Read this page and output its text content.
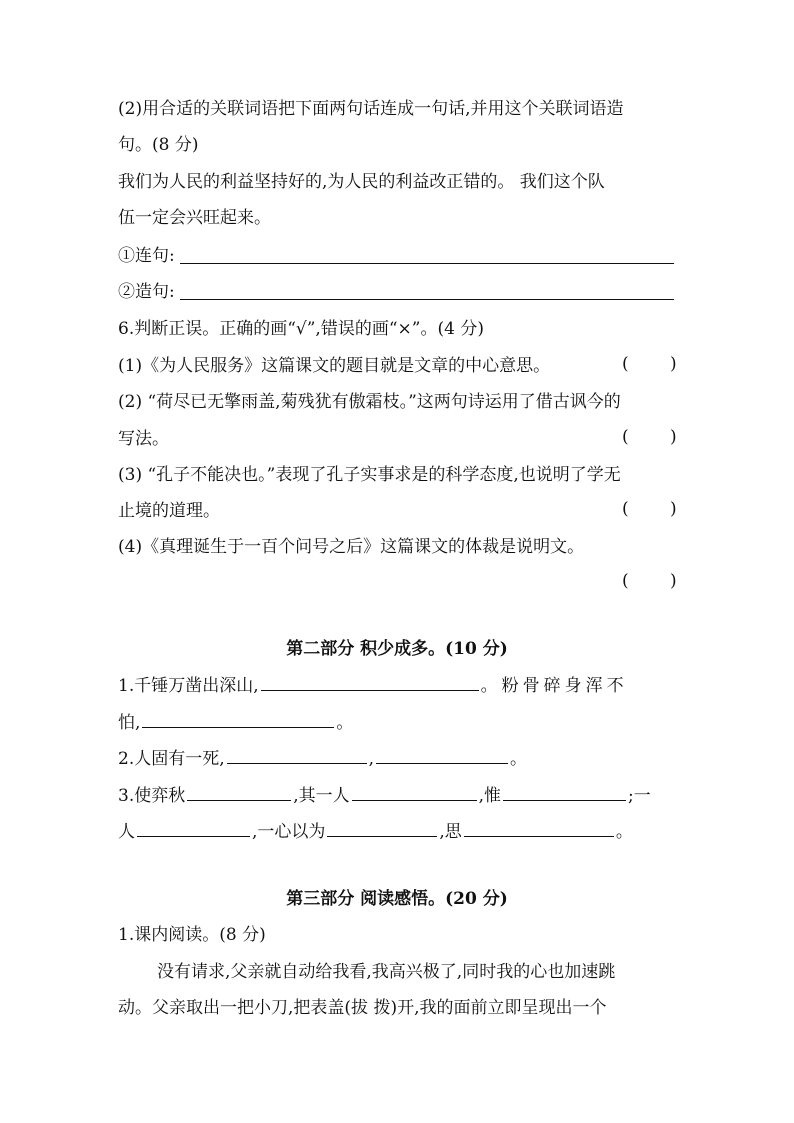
(2)用合适的关联词语把下面两句话连成一句话,并用这个关联词语造
句。(8 分)
我们为人民的利益坚持好的,为人民的利益改正错的。 我们这个队
伍一定会兴旺起来。
①连句:
②造句:
6.判断正误。正确的画“√”,错误的画“×”。(4 分)
(1)《为人民服务》这篇课文的题目就是文章的中心意思。	( )
(2) “荷尽已无擎雨盖,菊残犹有傲霜枝。”这两句诗运用了借古讽今的
写法。	( )
(3) “孔子不能决也。”表现了孔子实事求是的科学态度,也说明了学无
止境的道理。	( )
(4)《真理诞生于一百个问号之后》这篇课文的体裁是说明文。
( )
第二部分 积少成多。(10 分)
1.千锤万凿出深山,	。粉骨碎身浑不
怕,	。
2.人固有一死,	,	。
3.使弈秋	,其一人	,惟	;一
人	,一心以为	,思	。
第三部分 阅读感悟。(20 分)
1.课内阅读。(8 分)
没有请求,父亲就自动给我看,我高兴极了,同时我的心也加速跳
动。父亲取出一把小刀,把表盖(拔 拨)开,我的面前立即呈现出一个
